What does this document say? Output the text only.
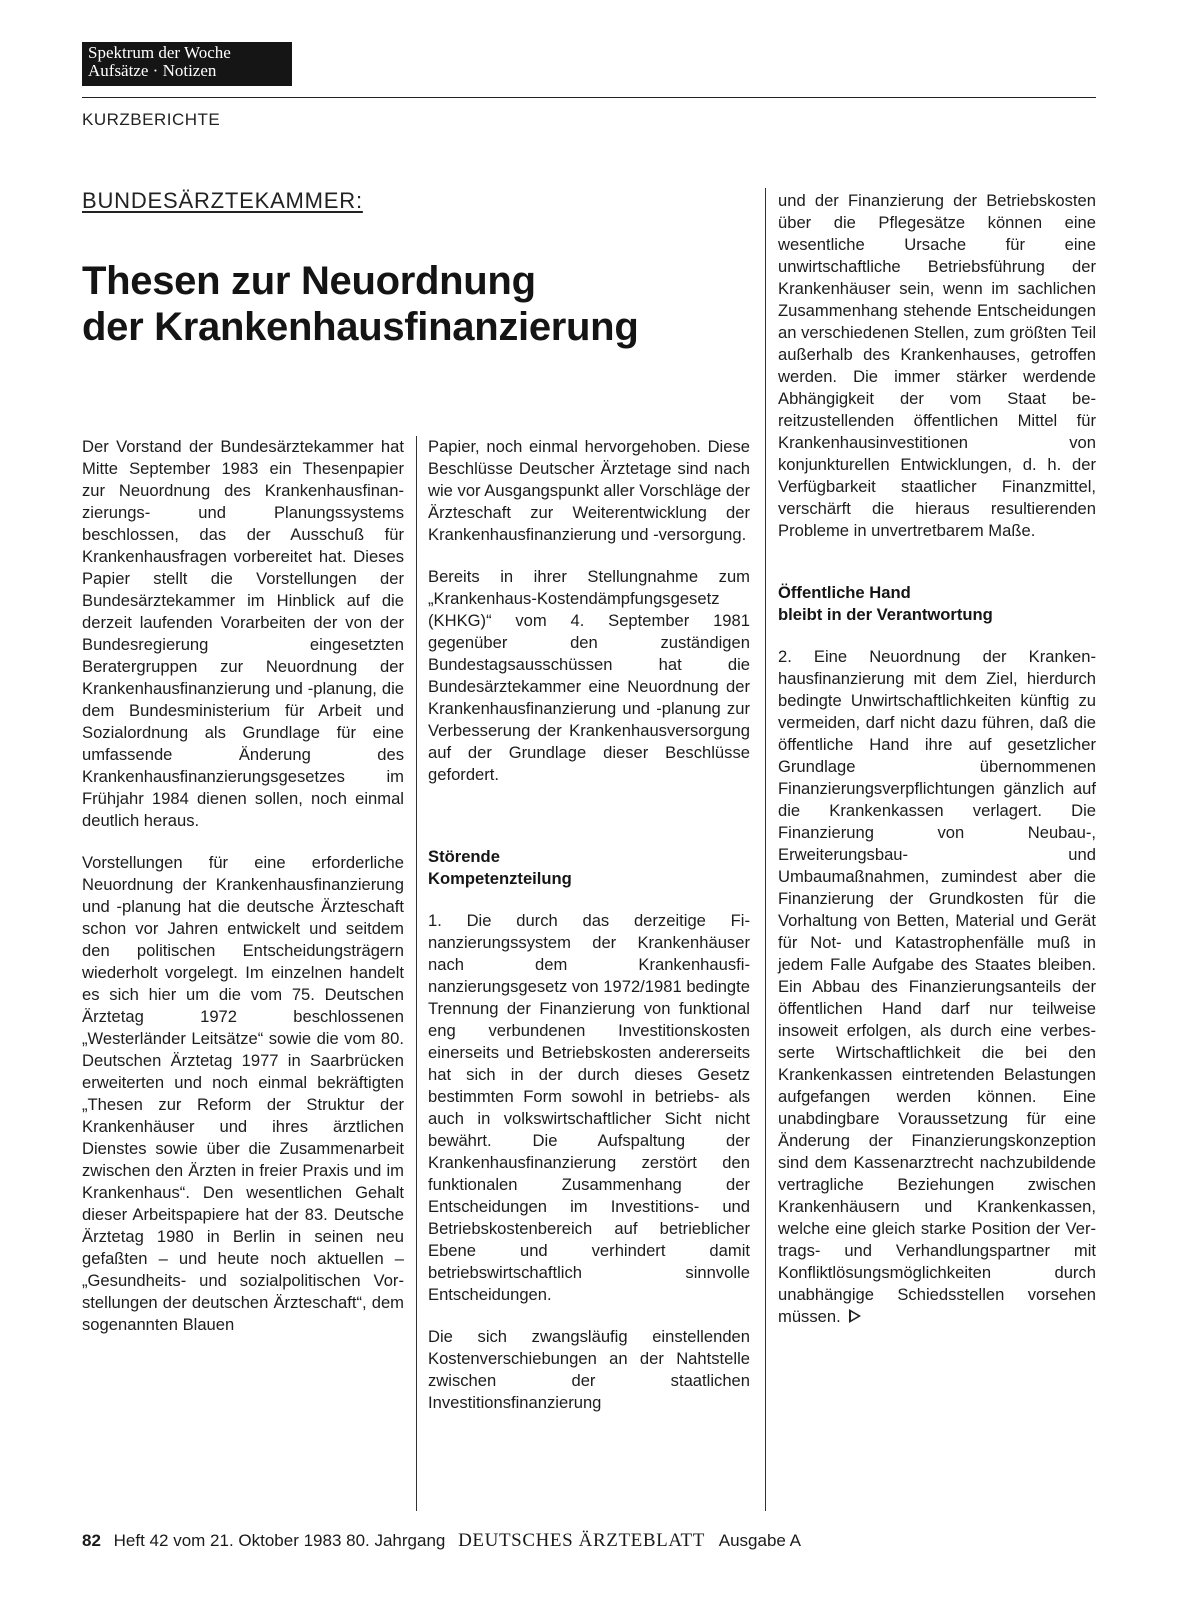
Spektrum der Woche
Aufsätze · Notizen
KURZBERICHTE
BUNDESÄRZTEKAMMER:
Thesen zur Neuordnung
der Krankenhausfinanzierung

Der Vorstand der Bundesärztekammer hat Mitte September 1983 ein Thesenpapier zur Neuordnung des Krankenhausfinanzierungs- und Planungssystems beschlossen, das der Ausschuß für Krankenhausfragen vorbereitet hat. Dieses Papier stellt die Vorstellungen der Bundesärztekammer im Hinblick auf die derzeit laufenden Vorarbeiten der von der Bundesregierung eingesetzten Beratergruppen zur Neuordnung der Krankenhausfinanzierung und -planung, die dem Bundesministerium für Arbeit und Sozialordnung als Grundlage für eine umfassende Änderung des Krankenhausfinanzierungsgesetzes im Frühjahr 1984 dienen sollen, noch einmal deutlich heraus.

Vorstellungen für eine erforderliche Neuordnung der Krankenhausfinanzierung und -planung hat die deutsche Ärzteschaft schon vor Jahren entwickelt und seitdem den politischen Entscheidungsträgern wiederholt vorgelegt. Im einzelnen handelt es sich hier um die vom 75. Deutschen Ärztetag 1972 beschlossenen „Westerländer Leitsätze“ sowie die vom 80. Deutschen Ärztetag 1977 in Saarbrücken erweiterten und noch einmal bekräftigten „Thesen zur Reform der Struktur der Krankenhäuser und ihres ärztlichen Dienstes sowie über die Zusammenarbeit zwischen den Ärzten in freier Praxis und im Krankenhaus“. Den wesentlichen Gehalt dieser Arbeitspapiere hat der 83. Deutsche Ärztetag 1980 in Berlin in seinen neu gefaßten – und heute noch aktuellen – „Gesundheits- und sozialpolitischen Vorstellungen der deutschen Ärzteschaft“, dem sogenannten Blauen

Papier, noch einmal hervorgehoben. Diese Beschlüsse Deutscher Ärztetage sind nach wie vor Ausgangspunkt aller Vorschläge der Ärzteschaft zur Weiterentwicklung der Krankenhausfinanzierung und -versorgung.

Bereits in ihrer Stellungnahme zum „Krankenhaus-Kostendämpfungsgesetz (KHKG)“ vom 4. September 1981 gegenüber den zuständigen Bundestagsausschüssen hat die Bundesärztekammer eine Neuordnung der Krankenhausfinanzierung und -planung zur Verbesserung der Krankenhausversorgung auf der Grundlage dieser Beschlüsse gefordert.

Störende
Kompetenzteilung

1. Die durch das derzeitige Finanzierungssystem der Krankenhäuser nach dem Krankenhausfinanzierungsgesetz von 1972/1981 bedingte Trennung der Finanzierung von funktional eng verbundenen Investitionskosten einerseits und Betriebskosten andererseits hat sich in der durch dieses Gesetz bestimmten Form sowohl in betriebs- als auch in volkswirtschaftlicher Sicht nicht bewährt. Die Aufspaltung der Krankenhausfinanzierung zerstört den funktionalen Zusammenhang der Entscheidungen im Investitions- und Betriebskostenbereich auf betrieblicher Ebene und verhindert damit betriebswirtschaftlich sinnvolle Entscheidungen.

Die sich zwangsläufig einstellenden Kostenverschiebungen an der Nahtstelle zwischen der staatlichen Investitionsfinanzierung

und der Finanzierung der Betriebskosten über die Pflegesätze können eine wesentliche Ursache für eine unwirtschaftliche Betriebsführung der Krankenhäuser sein, wenn im sachlichen Zusammenhang stehende Entscheidungen an verschiedenen Stellen, zum größten Teil außerhalb des Krankenhauses, getroffen werden. Die immer stärker werdende Abhängigkeit der vom Staat bereitzustellenden öffentlichen Mittel für Krankenhausinvestitionen von konjunkturellen Entwicklungen, d. h. der Verfügbarkeit staatlicher Finanzmittel, verschärft die hieraus resultierenden Probleme in unvertretbarem Maße.

Öffentliche Hand
bleibt in der Verantwortung

2. Eine Neuordnung der Krankenhausfinanzierung mit dem Ziel, hierdurch bedingte Unwirtschaftlichkeiten künftig zu vermeiden, darf nicht dazu führen, daß die öffentliche Hand ihre auf gesetzlicher Grundlage übernommenen Finanzierungsverpflichtungen gänzlich auf die Krankenkassen verlagert. Die Finanzierung von Neubau-, Erweiterungsbau- und Umbaumaßnahmen, zumindest aber die Finanzierung der Grundkosten für die Vorhaltung von Betten, Material und Gerät für Not- und Katastrophenfälle muß in jedem Falle Aufgabe des Staates bleiben. Ein Abbau des Finanzierungsanteils der öffentlichen Hand darf nur teilweise insoweit erfolgen, als durch eine verbesserte Wirtschaftlichkeit die bei den Krankenkassen eintretenden Belastungen aufgefangen werden können. Eine unabdingbare Voraussetzung für eine Änderung der Finanzierungskonzeption sind dem Kassenarztrecht nachzubildende vertragliche Beziehungen zwischen Krankenhäusern und Krankenkassen, welche eine gleich starke Position der Vertrags- und Verhandlungspartner mit Konfliktlösungsmöglichkeiten durch unabhängige Schiedsstellen vorsehen müssen.

82 Heft 42 vom 21. Oktober 1983 80. Jahrgang DEUTSCHES ÄRZTEBLATT Ausgabe A
